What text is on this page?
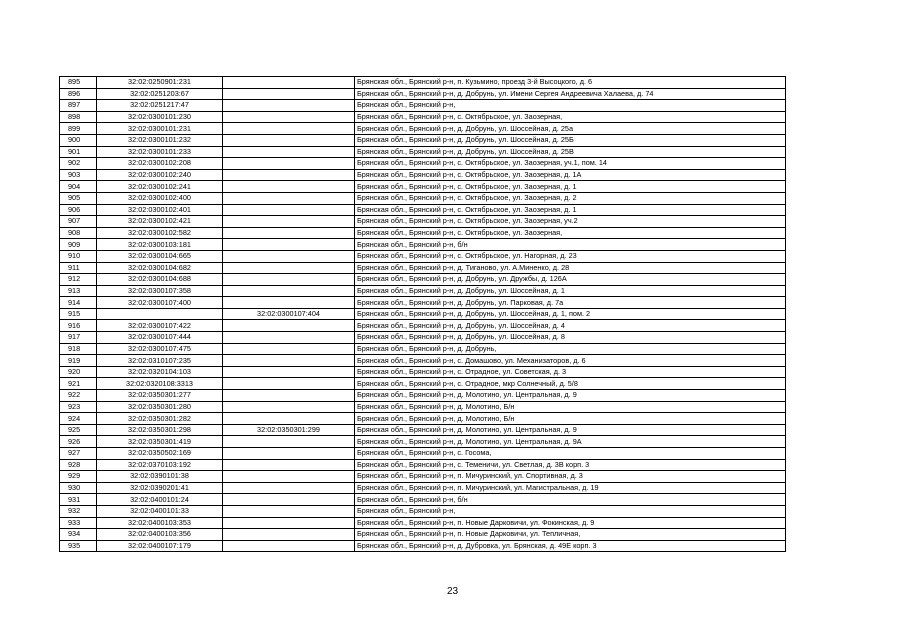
895	32:02:0250901:231		Брянская обл., Брянский р-н, п. Кузьмино, проезд 3-й Высоцкого, д. 6
896	32:02:0251203:67		Брянская обл., Брянский р-н, д. Добрунь, ул. Имени Сергея Андреевича Халаева, д. 74
897	32:02:0251217:47		Брянская обл., Брянский р-н,
898	32:02:0300101:230		Брянская обл., Брянский р-н, с. Октябрьское, ул. Заозерная,
899	32:02:0300101:231		Брянская обл., Брянский р-н, д. Добрунь, ул. Шоссейная, д. 25а
900	32:02:0300101:232		Брянская обл., Брянский р-н, д. Добрунь, ул. Шоссейная, д. 25Б
901	32:02:0300101:233		Брянская обл., Брянский р-н, д. Добрунь, ул. Шоссейная, д. 25В
902	32:02:0300102:208		Брянская обл., Брянский р-н, с. Октябрьское, ул. Заозерная, уч.1, пом. 14
903	32:02:0300102:240		Брянская обл., Брянский р-н, с. Октябрьское, ул. Заозерная, д. 1А
904	32:02:0300102:241		Брянская обл., Брянский р-н, с. Октябрьское, ул. Заозерная, д. 1
905	32:02:0300102:400		Брянская обл., Брянский р-н, с. Октябрьское, ул. Заозерная, д. 2
906	32:02:0300102:401		Брянская обл., Брянский р-н, с. Октябрьское, ул. Заозерная, д. 1
907	32:02:0300102:421		Брянская обл., Брянский р-н, с. Октябрьское, ул. Заозерная, уч.2
908	32:02:0300102:582		Брянская обл., Брянский р-н, с. Октябрьское, ул. Заозерная,
909	32:02:0300103:181		Брянская обл., Брянский р-н, б/н
910	32:02:0300104:665		Брянская обл., Брянский р-н, с. Октябрьское, ул. Нагорная, д. 23
911	32:02:0300104:682		Брянская обл., Брянский р-н, д. Тиганово, ул. А.Миненко, д. 28
912	32:02:0300104:688		Брянская обл., Брянский р-н, д. Добрунь, ул. Дружбы, д. 126А
913	32:02:0300107:358		Брянская обл., Брянский р-н, д. Добрунь, ул. Шоссейная, д. 1
914	32:02:0300107:400		Брянская обл., Брянский р-н, д. Добрунь, ул. Парковая, д. 7а
915		32:02:0300107:404	Брянская обл., Брянский р-н, д. Добрунь, ул. Шоссейная, д. 1, пом. 2
916	32:02:0300107:422		Брянская обл., Брянский р-н, д. Добрунь, ул. Шоссейная, д. 4
917	32:02:0300107:444		Брянская обл., Брянский р-н, д. Добрунь, ул. Шоссейная, д. 8
918	32:02:0300107:475		Брянская обл., Брянский р-н, д. Добрунь,
919	32:02:0310107:235		Брянская обл., Брянский р-н, с. Домашово, ул. Механизаторов, д. 6
920	32:02:0320104:103		Брянская обл., Брянский р-н, с. Отрадное, ул. Советская, д. 3
921	32:02:0320108:3313		Брянская обл., Брянский р-н, с. Отрадное, мкр Солнечный, д. 5/8
922	32:02:0350301:277		Брянская обл., Брянский р-н, д. Молотино, ул. Центральная, д. 9
923	32:02:0350301:280		Брянская обл., Брянский р-н, д. Молотино, Б/н
924	32:02:0350301:282		Брянская обл., Брянский р-н, д. Молотино, Б/н
925	32:02:0350301:298	32:02:0350301:299	Брянская обл., Брянский р-н, д. Молотино, ул. Центральная, д. 9
926	32:02:0350301:419		Брянская обл., Брянский р-н, д. Молотино, ул. Центральная, д. 9А
927	32:02:0350502:169		Брянская обл., Брянский р-н, с. Госома,
928	32:02:0370103:192		Брянская обл., Брянский р-н, с. Теменичи, ул. Светлая, д. 3В корп. 3
929	32:02:0390101:38		Брянская обл., Брянский р-н, п. Мичуринский, ул. Спортивная, д. 3
930	32:02:0390201:41		Брянская обл., Брянский р-н, п. Мичуринский, ул. Магистральная, д. 19
931	32:02:0400101:24		Брянская обл., Брянский р-н, б/н
932	32:02:0400101:33		Брянская обл., Брянский р-н,
933	32:02:0400103:353		Брянская обл., Брянский р-н, п. Новые Дарковичи, ул. Фокинская, д. 9
934	32:02:0400103:356		Брянская обл., Брянский р-н, п. Новые Дарковичи, ул. Тепличная,
935	32:02:0400107:179		Брянская обл., Брянский р-н, д. Дубровка, ул. Брянская, д. 49Е корп. 3
23
